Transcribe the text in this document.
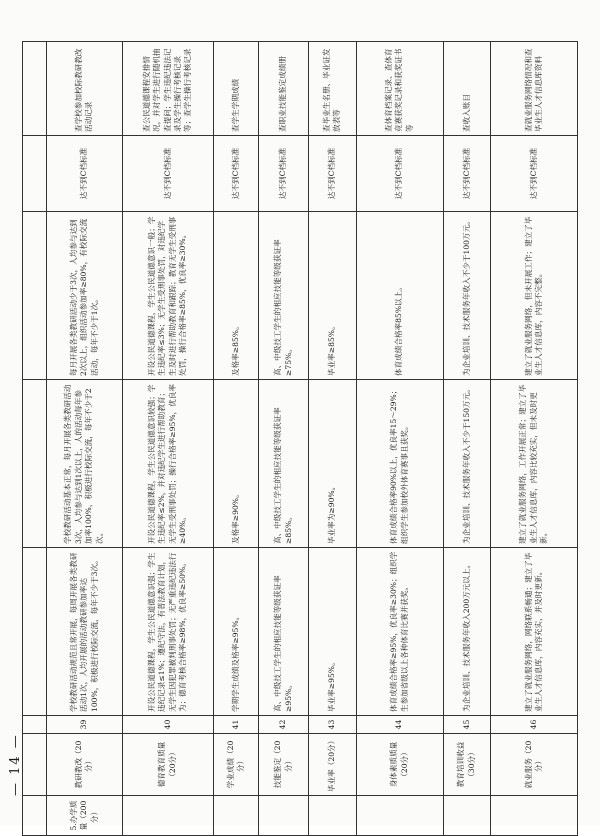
— 14 —

5.办学质量（200分）	教研教改（20分）	39	学校教研活动规范且常开展，每周开展各类教研活动1次，人均开展的活动教研参加率达100%，积极进行校际交流，每年不少于3次。	学校教研活动基本正常，每月开展各类教研活动3次，人均参与达到1次以上，人的活动每年参加率100%，积极进行校际交流，每年不少于2次。	每月开展各类教研活动少于3次，人均参与达到2次以上，组织活动参加率≥80%，有校际交流活动，每年不少于1次。	达不到C档标准	查学校参加校际教研教改活动记录
	德育教育质量（20分）	40	开设公民道德课程，学生公民道德意识强；学生违纪记录≤1%；遵纪守法，有普法教育计划，无学生因犯罪被判刑事处罚；无严重违纪违法行为；德育考核合格率≥98%，优良率≥50%。	开设公民道德课程，学生公民道德意识较强；学生违纪率≤2%，并对违纪学生进行帮助教育；无学生受刑事处罚；操行合格率≥95%，优良率≥40%。	开设公民道德课程，学生公民道德意识一般；学生违纪率≤3%；无学生受刑事处罚，对违纪学生及时进行帮助教育和跟踪；教育无学生受刑事处罚，操行合格率≥85%，优良率≥30%。	达不到C档标准	查公民道德课程安排情况，并对学生进行随机抽查提问；学生违纪违法记录及学生操行考核记录等；查学生操行考核记录
	学业成绩（20分）	41	学期学生成绩及格率≥95%。	及格率≥90%。	及格率≥85%。	达不到C档标准	查学生学期成绩
	技能鉴定（20分）	42	高、中级技工学生的相应技能等级获证率≥95%。	高、中级技工学生的相应技能等级获证率≥85%。	高、中级技工学生的相应技能等级获证率≥75%。	达不到C档标准	查职业技能鉴定成绩册
	毕业率（20分）	43	毕业率≥95%。	毕业率为≥90%。	毕业率≥85%。	达不到C档标准	查毕业生名册、毕业证发放表等
	身体素质质量（20分）	44	体育成绩合格率≥95%，优良率≥30%；组织学生参加省级以上各种体育比赛并获奖。	体育成绩合格率90%以上，优良率15～29%；组织学生参加校外体育赛事且获奖。	体育成绩合格率85%以上。	达不到C档标准	查体育档案记录、查体育竞赛获奖记录和获奖证书等
	教育培训收益（30分）	45	为企业培训、技术服务年收入200万元以上。	为企业培训、技术服务年收入不少于150万元。	为企业培训、技术服务年收入不少于100万元。	达不到C档标准	查收入账目
	就业服务（20分）	46	建立了就业服务网络，网络联系畅通；建立了毕业生人才信息库，内容充实，并及时更新。	建立了就业服务网络，工作开展正常；建立了毕业生人才信息库，内容比较充实，但未及时更新。	建立了就业服务网络，但未开展工作；建立了毕业生人才信息库，内容不完整。	达不到C档标准	查就业服务网络情况和查毕业生人才信息库资料
